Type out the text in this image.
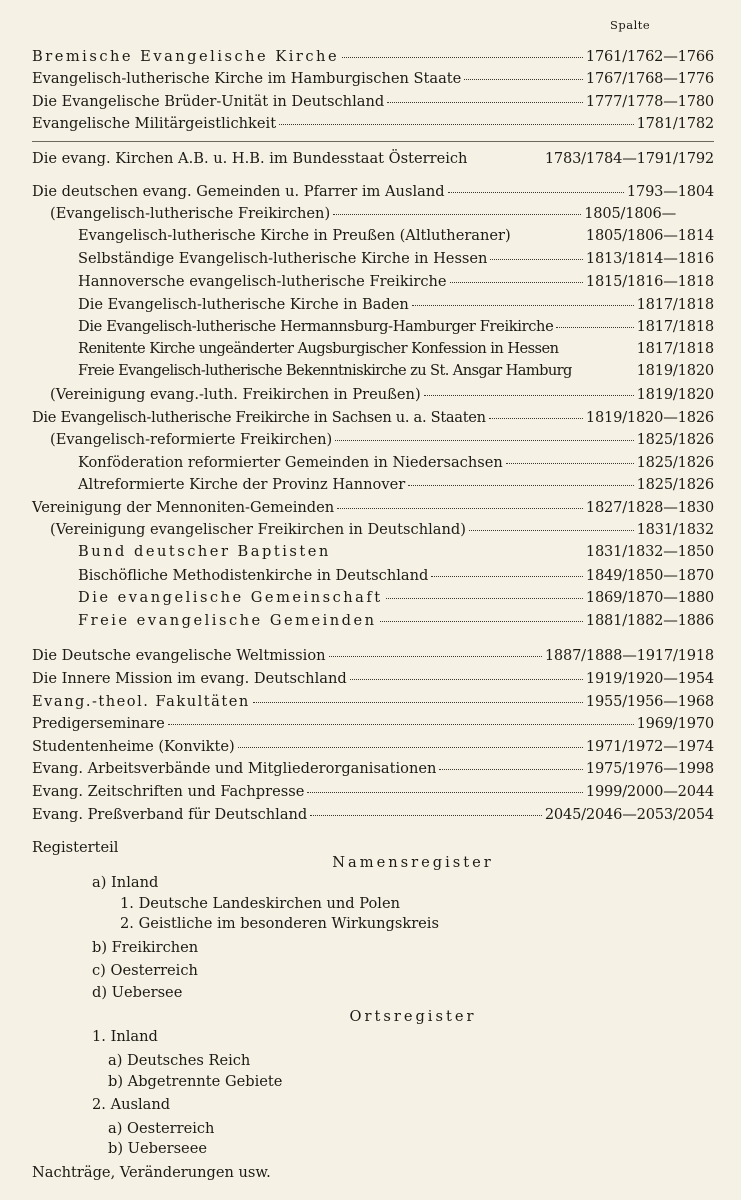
Spalte
Bremische Evangelische Kirche	1761/1762—1766
Evangelisch-lutherische Kirche im Hamburgischen Staate	1767/1768—1776
Die Evangelische Brüder-Unität in Deutschland	1777/1778—1780
Evangelische Militärgeistlichkeit	1781/1782
Die evang. Kirchen A.B. u. H.B. im Bundesstaat Österreich	1783/1784—1791/1792
Die deutschen evang. Gemeinden u. Pfarrer im Ausland	1793—1804
(Evangelisch-lutherische Freikirchen)	1805/1806—
Evangelisch-lutherische Kirche in Preußen (Altlutheraner)	1805/1806—1814
Selbständige Evangelisch-lutherische Kirche in Hessen	1813/1814—1816
Hannoversche evangelisch-lutherische Freikirche	1815/1816—1818
Die Evangelisch-lutherische Kirche in Baden	1817/1818
Die Evangelisch-lutherische Hermannsburg-Hamburger Freikirche	1817/1818
Renitente Kirche ungeänderter Augsburgischer Konfession in Hessen	1817/1818
Freie Evangelisch-lutherische Bekenntniskirche zu St. Ansgar Hamburg	1819/1820
(Vereinigung evang.-luth. Freikirchen in Preußen)	1819/1820
Die Evangelisch-lutherische Freikirche in Sachsen u. a. Staaten	1819/1820—1826
(Evangelisch-reformierte Freikirchen)	1825/1826
Konföderation reformierter Gemeinden in Niedersachsen	1825/1826
Altreformierte Kirche der Provinz Hannover	1825/1826
Vereinigung der Mennoniten-Gemeinden	1827/1828—1830
(Vereinigung evangelischer Freikirchen in Deutschland)	1831/1832
Bund deutscher Baptisten	1831/1832—1850
Bischöfliche Methodistenkirche in Deutschland	1849/1850—1870
Die evangelische Gemeinschaft	1869/1870—1880
Freie evangelische Gemeinden	1881/1882—1886
Die Deutsche evangelische Weltmission	1887/1888—1917/1918
Die Innere Mission im evang. Deutschland	1919/1920—1954
Evang.-theol. Fakultäten	1955/1956—1968
Predigerseminare	1969/1970
Studentenheime (Konvikte)	1971/1972—1974
Evang. Arbeitsverbände und Mitgliederorganisationen	1975/1976—1998
Evang. Zeitschriften und Fachpresse	1999/2000—2044
Evang. Preßverband für Deutschland	2045/2046—2053/2054
Registerteil
Namensregister
a) Inland
1. Deutsche Landeskirchen und Polen
2. Geistliche im besonderen Wirkungskreis
b) Freikirchen
c) Oesterreich
d) Uebersee
Ortsregister
1. Inland
a) Deutsches Reich
b) Abgetrennte Gebiete
2. Ausland
a) Oesterreich
b) Ueberseee
Nachträge, Veränderungen usw.
